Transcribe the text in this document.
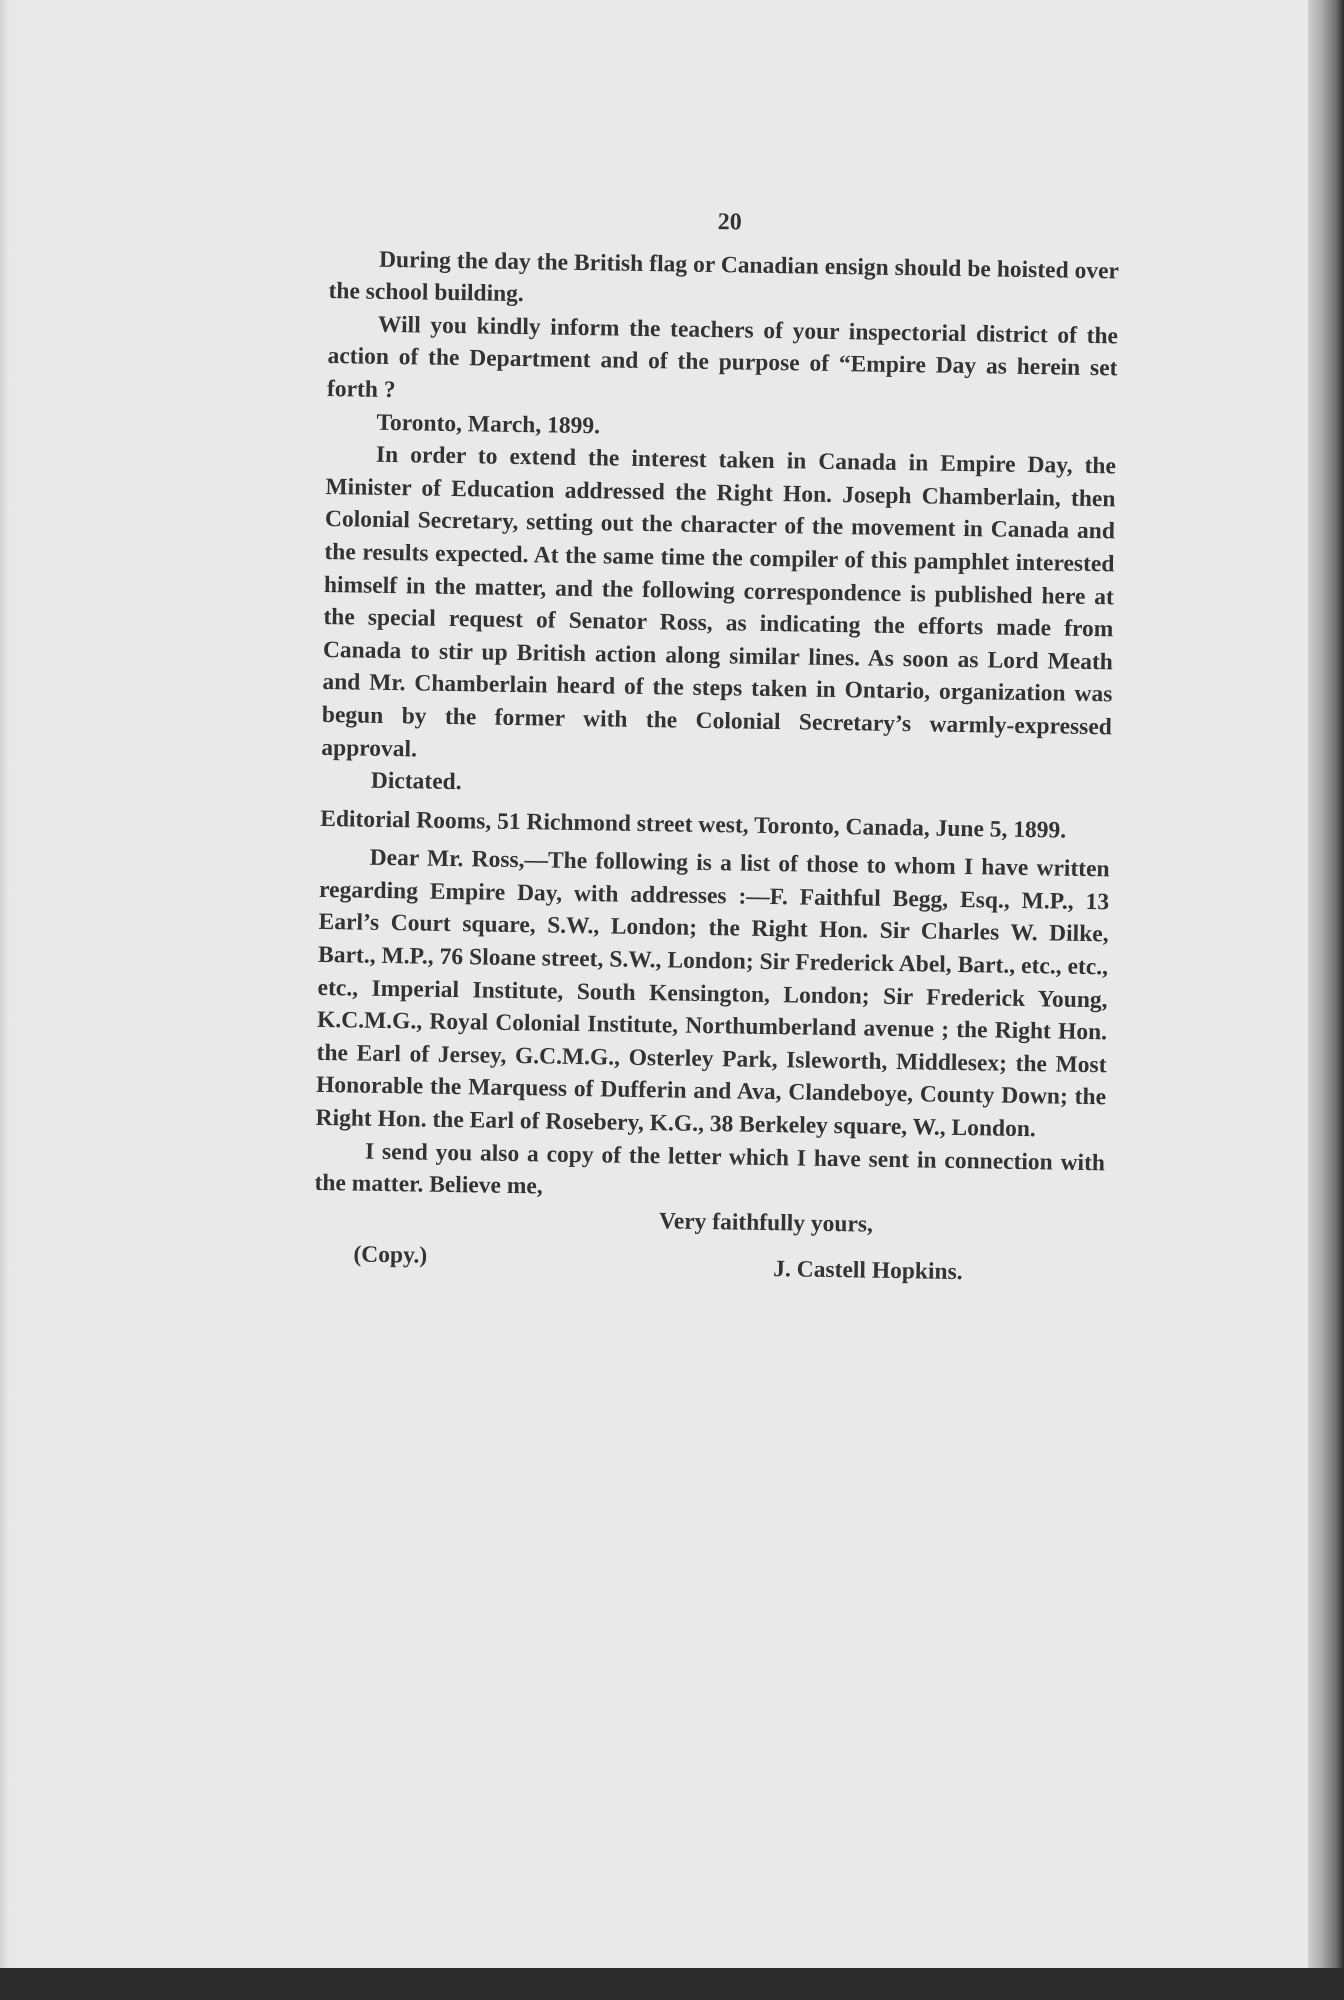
20

During the day the British flag or Canadian ensign should be hoisted over the school building.

Will you kindly inform the teachers of your inspectorial district of the action of the Department and of the purpose of “Empire Day as herein set forth ?

Toronto, March, 1899.

In order to extend the interest taken in Canada in Empire Day, the Minister of Education addressed the Right Hon. Joseph Chamberlain, then Colonial Secretary, setting out the character of the movement in Canada and the results expected. At the same time the compiler of this pamphlet interested himself in the matter, and the following correspondence is published here at the special request of Senator Ross, as indicating the efforts made from Canada to stir up British action along similar lines. As soon as Lord Meath and Mr. Chamberlain heard of the steps taken in Ontario, organization was begun by the former with the Colonial Secretary’s warmly-expressed approval.

Dictated.

Editorial Rooms, 51 Richmond street west, Toronto, Canada, June 5, 1899.

Dear Mr. Ross,—The following is a list of those to whom I have written regarding Empire Day, with addresses :—F. Faithful Begg, Esq., M.P., 13 Earl’s Court square, S.W., London; the Right Hon. Sir Charles W. Dilke, Bart., M.P., 76 Sloane street, S.W., London; Sir Frederick Abel, Bart., etc., etc., etc., Imperial Institute, South Kensington, London; Sir Frederick Young, K.C.M.G., Royal Colonial Institute, Northumberland avenue ; the Right Hon. the Earl of Jersey, G.C.M.G., Osterley Park, Isleworth, Middlesex; the Most Honorable the Marquess of Dufferin and Ava, Clandeboye, County Down; the Right Hon. the Earl of Rosebery, K.G., 38 Berkeley square, W., London.

I send you also a copy of the letter which I have sent in connection with the matter. Believe me,

Very faithfully yours,

(Copy.)
J. Castell Hopkins.
